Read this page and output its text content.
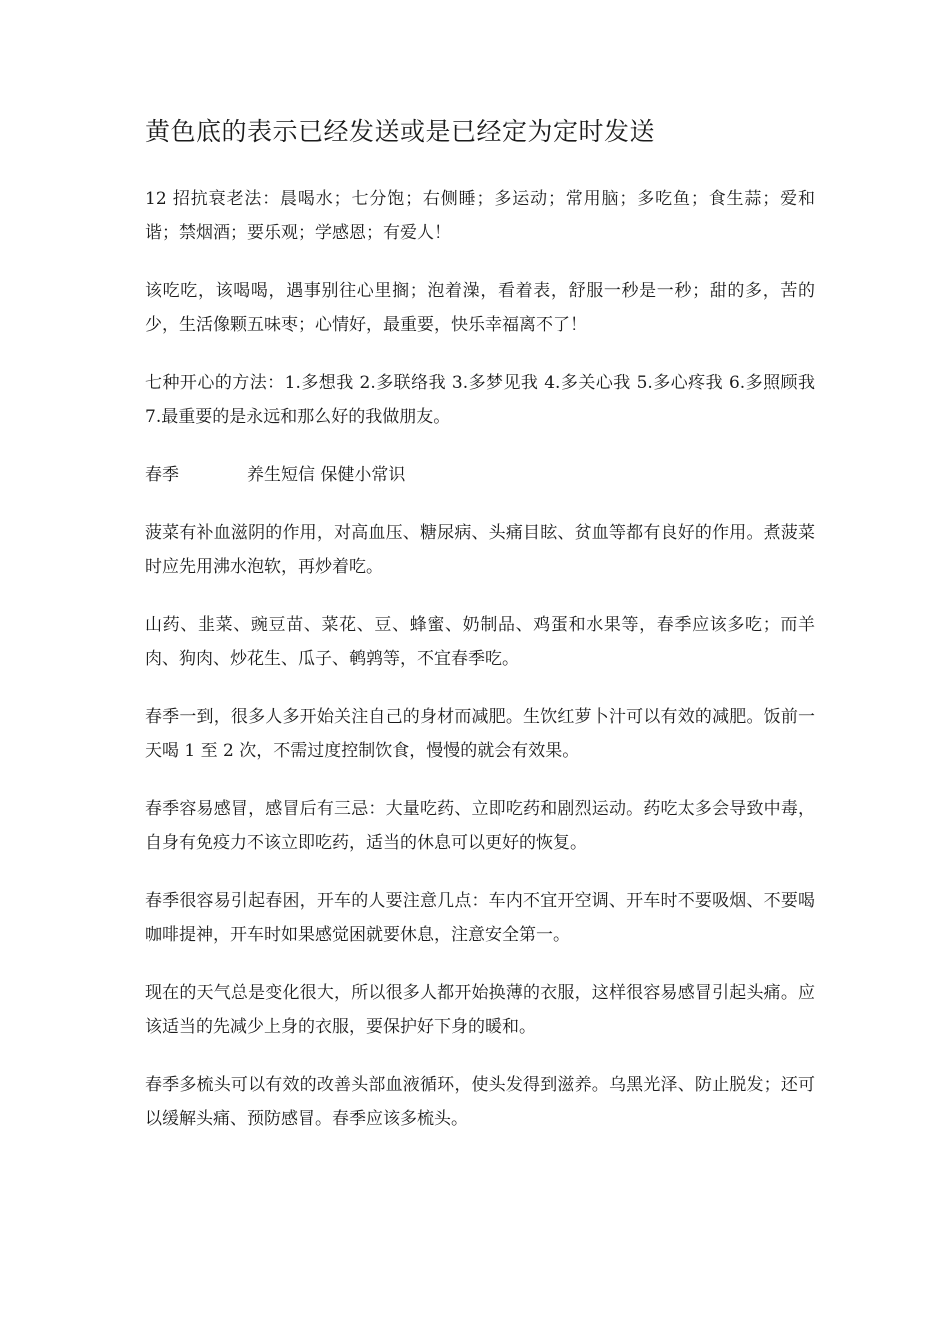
黄色底的表示已经发送或是已经定为定时发送

12 招抗衰老法：晨喝水；七分饱；右侧睡；多运动；常用脑；多吃鱼；食生蒜；爱和谐；禁烟酒；要乐观；学感恩；有爱人！

该吃吃，该喝喝，遇事别往心里搁；泡着澡，看着表，舒服一秒是一秒；甜的多，苦的少，生活像颗五味枣；心情好，最重要，快乐幸福离不了！

七种开心的方法：1.多想我 2.多联络我 3.多梦见我 4.多关心我 5.多心疼我 6.多照顾我 7.最重要的是永远和那么好的我做朋友。

春季	养生短信 保健小常识

菠菜有补血滋阴的作用，对高血压、糖尿病、头痛目眩、贫血等都有良好的作用。煮菠菜时应先用沸水泡软，再炒着吃。

山药、韭菜、豌豆苗、菜花、豆、蜂蜜、奶制品、鸡蛋和水果等，春季应该多吃；而羊肉、狗肉、炒花生、瓜子、鹌鹑等，不宜春季吃。

春季一到，很多人多开始关注自己的身材而减肥。生饮红萝卜汁可以有效的减肥。饭前一天喝 1 至 2 次，不需过度控制饮食，慢慢的就会有效果。

春季容易感冒，感冒后有三忌：大量吃药、立即吃药和剧烈运动。药吃太多会导致中毒，自身有免疫力不该立即吃药，适当的休息可以更好的恢复。

春季很容易引起春困，开车的人要注意几点：车内不宜开空调、开车时不要吸烟、不要喝咖啡提神，开车时如果感觉困就要休息，注意安全第一。

现在的天气总是变化很大，所以很多人都开始换薄的衣服，这样很容易感冒引起头痛。应该适当的先减少上身的衣服，要保护好下身的暖和。

春季多梳头可以有效的改善头部血液循环，使头发得到滋养。乌黑光泽、防止脱发；还可以缓解头痛、预防感冒。春季应该多梳头。
